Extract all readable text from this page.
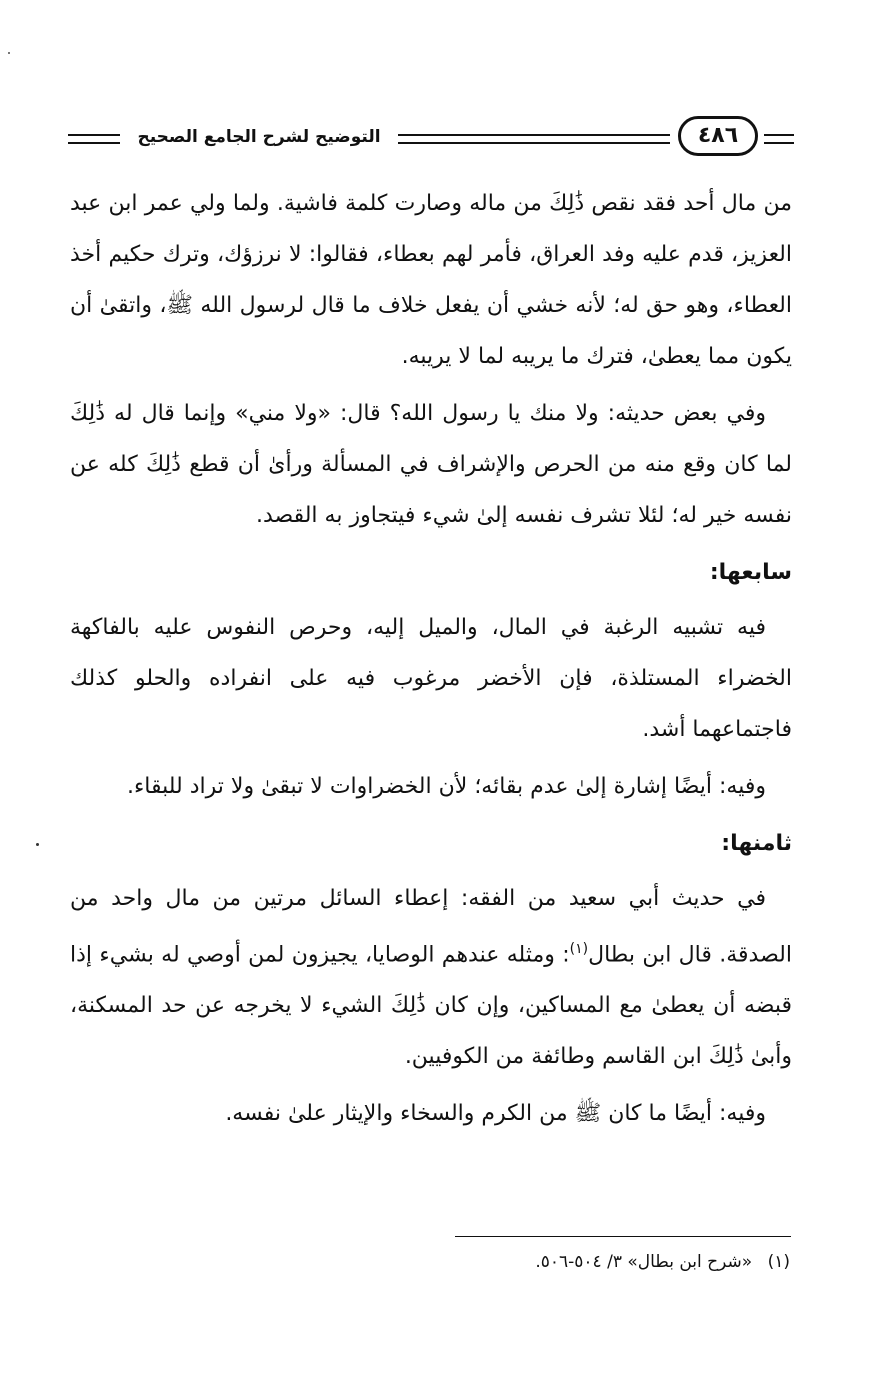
التوضيح لشرح الجامع الصحيح	٤٨٦

من مال أحد فقد نقص ذَٰلِكَ من ماله وصارت كلمة فاشية. ولما ولي عمر ابن عبد العزيز، قدم عليه وفد العراق، فأمر لهم بعطاء، فقالوا: لا نرزؤك، وترك حكيم أخذ العطاء، وهو حق له؛ لأنه خشي أن يفعل خلاف ما قال لرسول الله ﷺ، واتقىٰ أن يكون مما يعطىٰ، فترك ما يريبه لما لا يريبه.

وفي بعض حديثه: ولا منك يا رسول الله؟ قال: «ولا مني» وإنما قال له ذَٰلِكَ لما كان وقع منه من الحرص والإشراف في المسألة ورأىٰ أن قطع ذَٰلِكَ كله عن نفسه خير له؛ لئلا تشرف نفسه إلىٰ شيء فيتجاوز به القصد.

سابعها:

فيه تشبيه الرغبة في المال، والميل إليه، وحرص النفوس عليه بالفاكهة الخضراء المستلذة، فإن الأخضر مرغوب فيه على انفراده والحلو كذلك فاجتماعهما أشد.

وفيه: أيضًا إشارة إلىٰ عدم بقائه؛ لأن الخضراوات لا تبقىٰ ولا تراد للبقاء.

ثامنها:

في حديث أبي سعيد من الفقه: إعطاء السائل مرتين من مال واحد من الصدقة. قال ابن بطال$^{(١)}$: ومثله عندهم الوصايا، يجيزون لمن أوصي له بشيء إذا قبضه أن يعطىٰ مع المساكين، وإن كان ذَٰلِكَ الشيء لا يخرجه عن حد المسكنة، وأبىٰ ذَٰلِكَ ابن القاسم وطائفة من الكوفيين.

وفيه: أيضًا ما كان ﷺ من الكرم والسخاء والإيثار علىٰ نفسه.

(١) «شرح ابن بطال» ٣/ ٥٠٤-٥٠٦.
